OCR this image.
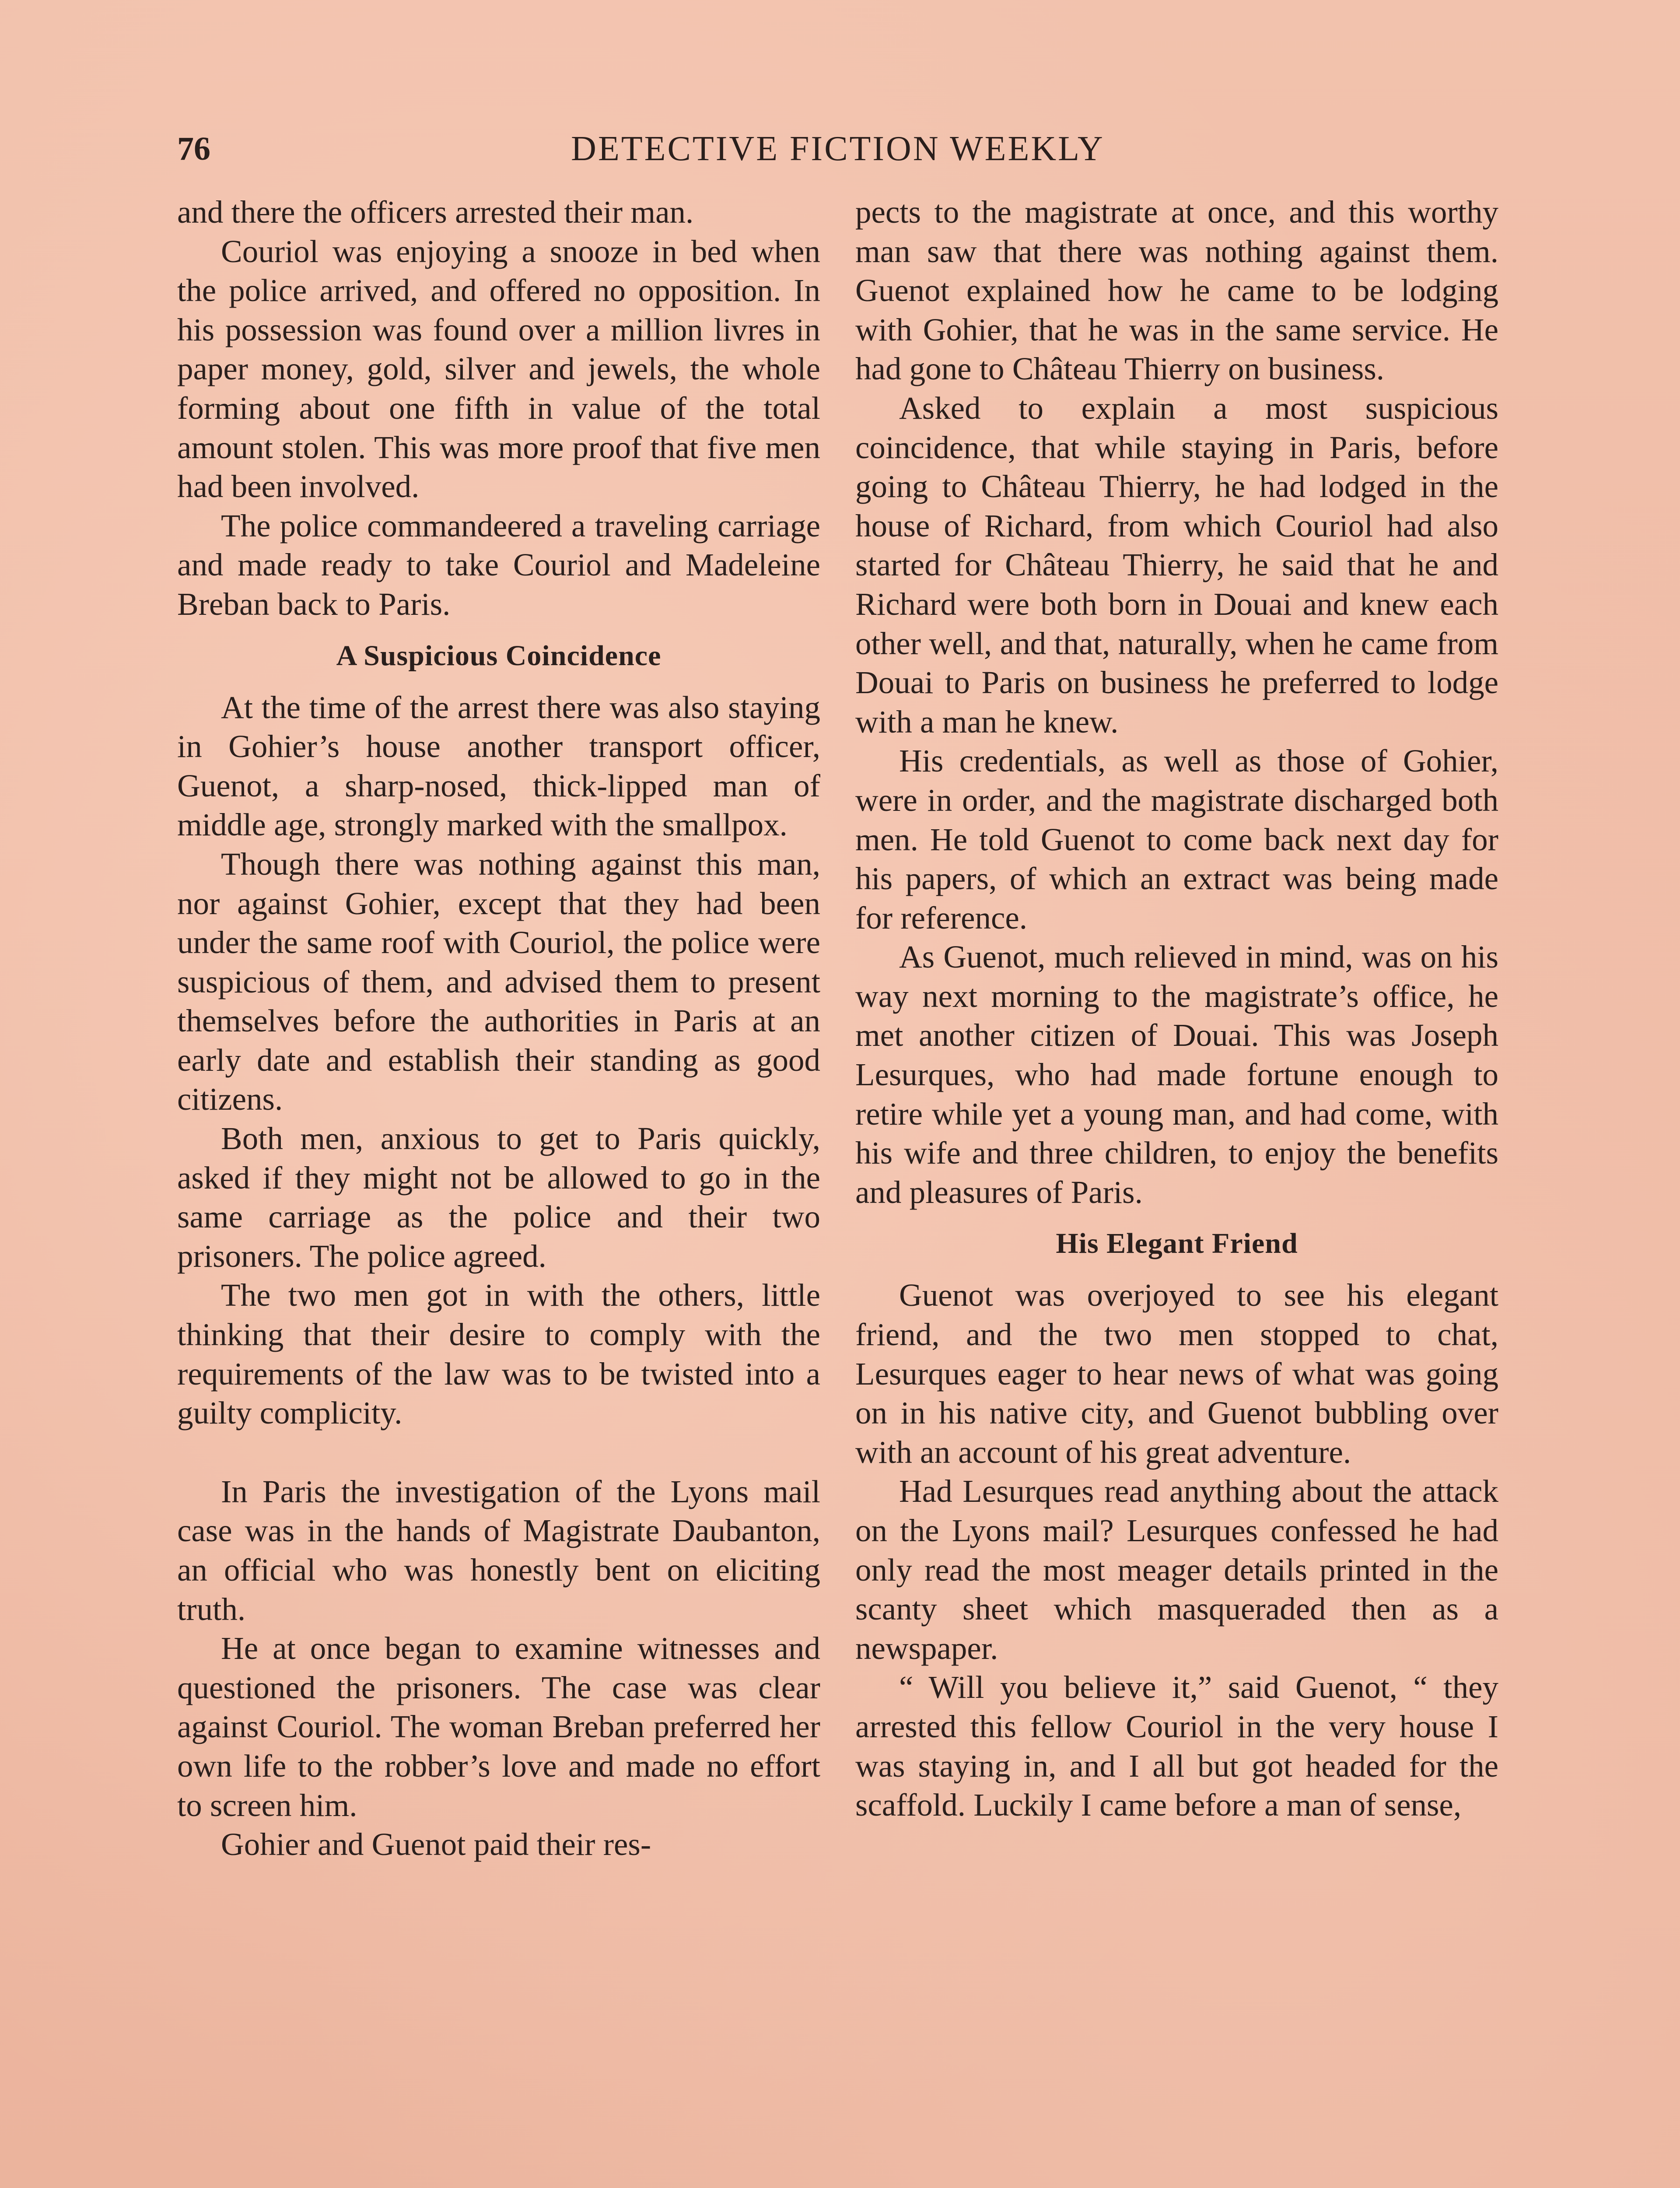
76	DETECTIVE FICTION WEEKLY

and there the officers arrested their man.

Couriol was enjoying a snooze in bed when the police arrived, and offered no opposition. In his possession was found over a million livres in paper money, gold, silver and jewels, the whole forming about one fifth in value of the total amount stolen. This was more proof that five men had been involved.

The police commandeered a traveling carriage and made ready to take Couriol and Madeleine Breban back to Paris.

A Suspicious Coincidence

At the time of the arrest there was also staying in Gohier’s house another transport officer, Guenot, a sharp-nosed, thick-lipped man of middle age, strongly marked with the smallpox.

Though there was nothing against this man, nor against Gohier, except that they had been under the same roof with Couriol, the police were suspicious of them, and advised them to present themselves before the authorities in Paris at an early date and establish their standing as good citizens.

Both men, anxious to get to Paris quickly, asked if they might not be allowed to go in the same carriage as the police and their two prisoners. The police agreed.

The two men got in with the others, little thinking that their desire to comply with the requirements of the law was to be twisted into a guilty complicity.

In Paris the investigation of the Lyons mail case was in the hands of Magistrate Daubanton, an official who was honestly bent on eliciting truth.

He at once began to examine witnesses and questioned the prisoners. The case was clear against Couriol. The woman Breban preferred her own life to the robber’s love and made no effort to screen him.

Gohier and Guenot paid their res-

pects to the magistrate at once, and this worthy man saw that there was nothing against them. Guenot explained how he came to be lodging with Gohier, that he was in the same service. He had gone to Château Thierry on business.

Asked to explain a most suspicious coincidence, that while staying in Paris, before going to Château Thierry, he had lodged in the house of Richard, from which Couriol had also started for Château Thierry, he said that he and Richard were both born in Douai and knew each other well, and that, naturally, when he came from Douai to Paris on business he preferred to lodge with a man he knew.

His credentials, as well as those of Gohier, were in order, and the magistrate discharged both men. He told Guenot to come back next day for his papers, of which an extract was being made for reference.

As Guenot, much relieved in mind, was on his way next morning to the magistrate’s office, he met another citizen of Douai. This was Joseph Lesurques, who had made fortune enough to retire while yet a young man, and had come, with his wife and three children, to enjoy the benefits and pleasures of Paris.

His Elegant Friend

Guenot was overjoyed to see his elegant friend, and the two men stopped to chat, Lesurques eager to hear news of what was going on in his native city, and Guenot bubbling over with an account of his great adventure.

Had Lesurques read anything about the attack on the Lyons mail? Lesurques confessed he had only read the most meager details printed in the scanty sheet which masqueraded then as a newspaper.

“ Will you believe it,” said Guenot, “ they arrested this fellow Couriol in the very house I was staying in, and I all but got headed for the scaffold. Luckily I came before a man of sense,
